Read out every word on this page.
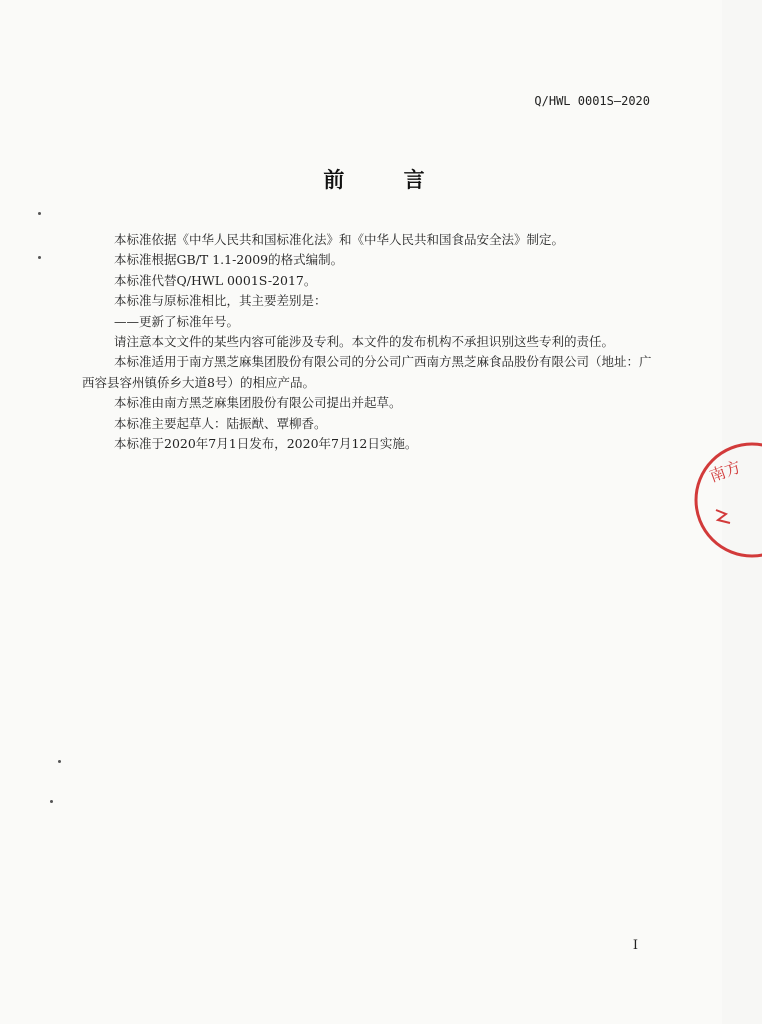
Q/HWL 0001S—2020
前 言

本标准依据《中华人民共和国标准化法》和《中华人民共和国食品安全法》制定。

本标准根据GB/T 1.1-2009的格式编制。

本标准代替Q/HWL 0001S-2017。

本标准与原标准相比，其主要差别是：

——更新了标准年号。

请注意本文文件的某些内容可能涉及专利。本文件的发布机构不承担识别这些专利的责任。

本标准适用于南方黑芝麻集团股份有限公司的分公司广西南方黑芝麻食品股份有限公司（地址：广西容县容州镇侨乡大道8号）的相应产品。

本标准由南方黑芝麻集团股份有限公司提出并起草。

本标准主要起草人：陆振猷、覃柳香。

本标准于2020年7月1日发布，2020年7月12日实施。

南方
I
